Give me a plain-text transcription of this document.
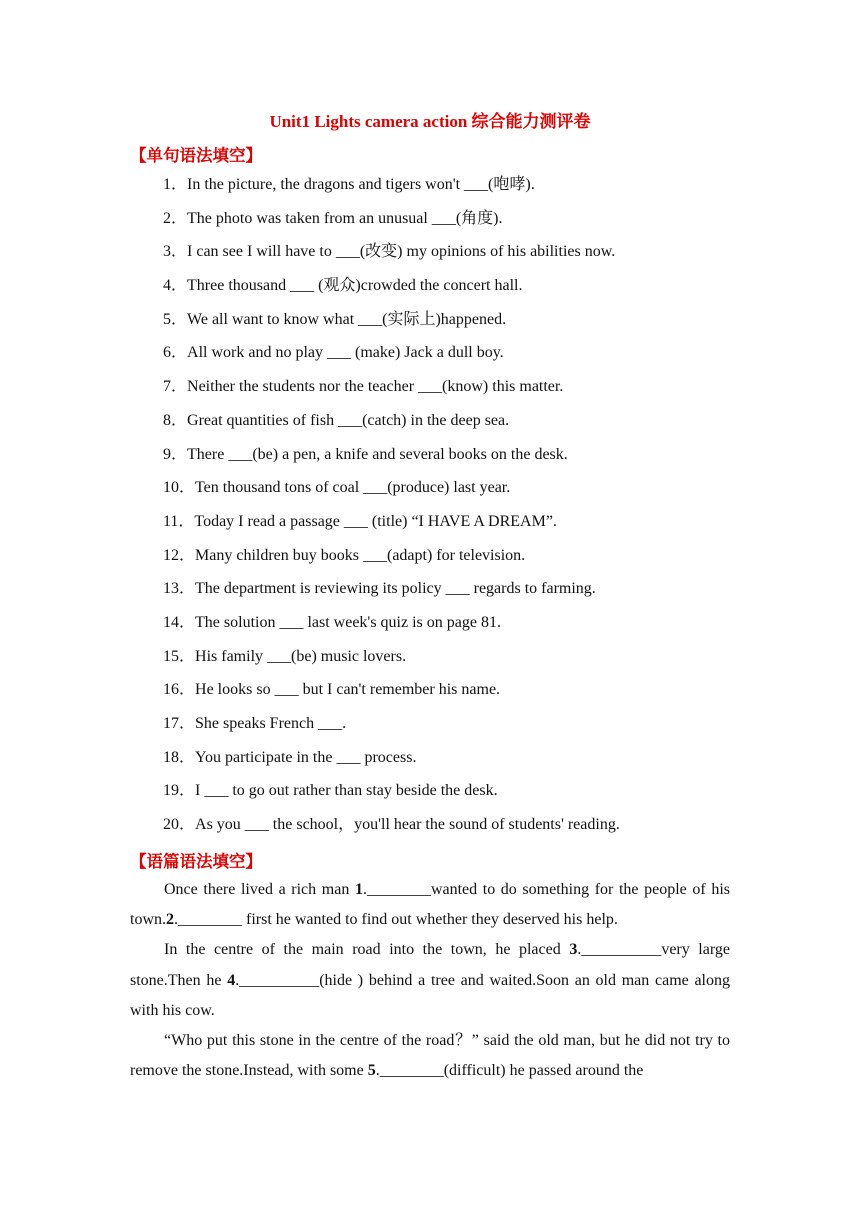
Unit1 Lights camera action 综合能力测评卷
【单句语法填空】
1．In the picture, the dragons and tigers won't ___(咆哮).
2．The photo was taken from an unusual ___(角度).
3．I can see I will have to ___(改变) my opinions of his abilities now.
4．Three thousand ___ (观众)crowded the concert hall.
5．We all want to know what ___(实际上)happened.
6．All work and no play ___ (make) Jack a dull boy.
7．Neither the students nor the teacher ___(know) this matter.
8．Great quantities of fish ___(catch) in the deep sea.
9．There ___(be) a pen, a knife and several books on the desk.
10．Ten thousand tons of coal ___(produce) last year.
11．Today I read a passage ___ (title) “I HAVE A DREAM”.
12．Many children buy books ___(adapt) for television.
13．The department is reviewing its policy ___ regards to farming.
14．The solution ___ last week's quiz is on page 81.
15．His family ___(be) music lovers.
16．He looks so ___ but I can't remember his name.
17．She speaks French ___.
18．You participate in the ___ process.
19．I ___ to go out rather than stay beside the desk.
20．As you ___ the school，you'll hear the sound of students' reading.
【语篇语法填空】

Once there lived a rich man 1.________wanted to do something for the people of his town.2.________ first he wanted to find out whether they deserved his help.

In the centre of the main road into the town, he placed 3.__________very large stone.Then he 4.__________(hide ) behind a tree and waited.Soon an old man came along with his cow.

“Who put this stone in the centre of the road？” said the old man, but he did not try to remove the stone.Instead, with some 5.________(difficult) he passed around the
